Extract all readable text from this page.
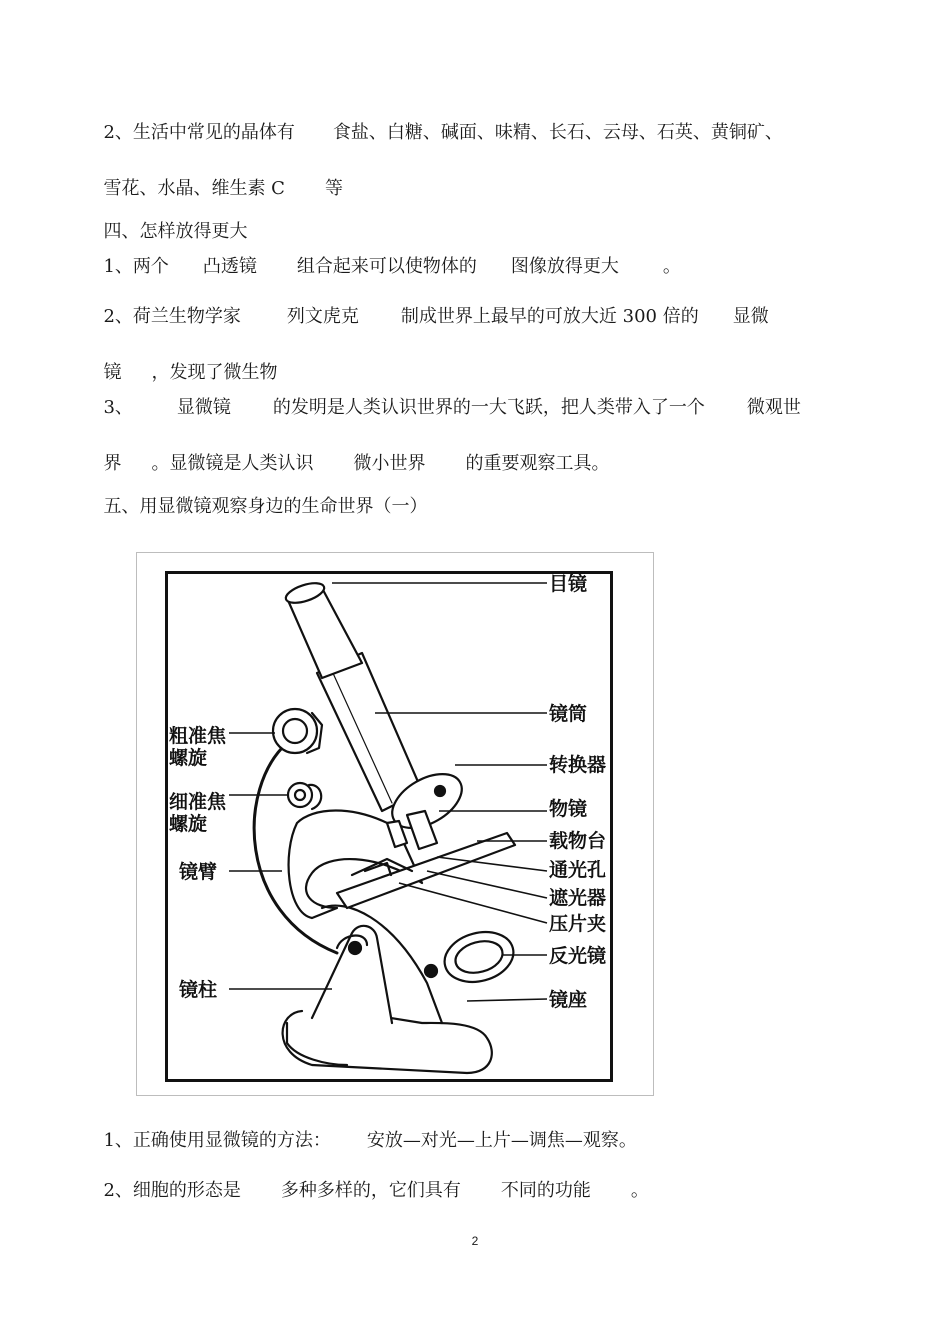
2、生活中常见的晶体有 食盐、白糖、碱面、味精、长石、云母、石英、黄铜矿、

雪花、水晶、维生素 C 等

四、怎样放得更大

1、两个 凸透镜 组合起来可以使物体的 图像放得更大 。

2、荷兰生物学家	列文虎克 制成世界上最早的可放大近 300 倍的 显微

镜 ，发现了微生物

3、 显微镜 的发明是人类认识世界的一大飞跃，把人类带入了一个 微观世

界 。显微镜是人类认识 微小世界 的重要观察工具。

五、用显微镜观察身边的生命世界（一）

目镜
镜筒
转换器
物镜
载物台
通光孔
遮光器
压片夹
反光镜
镜座
粗准焦
螺旋
细准焦
螺旋
镜臂
镜柱

1、正确使用显微镜的方法： 安放—对光—上片—调焦—观察。

2、细胞的形态是 多种多样的，它们具有 不同的功能 。

2
